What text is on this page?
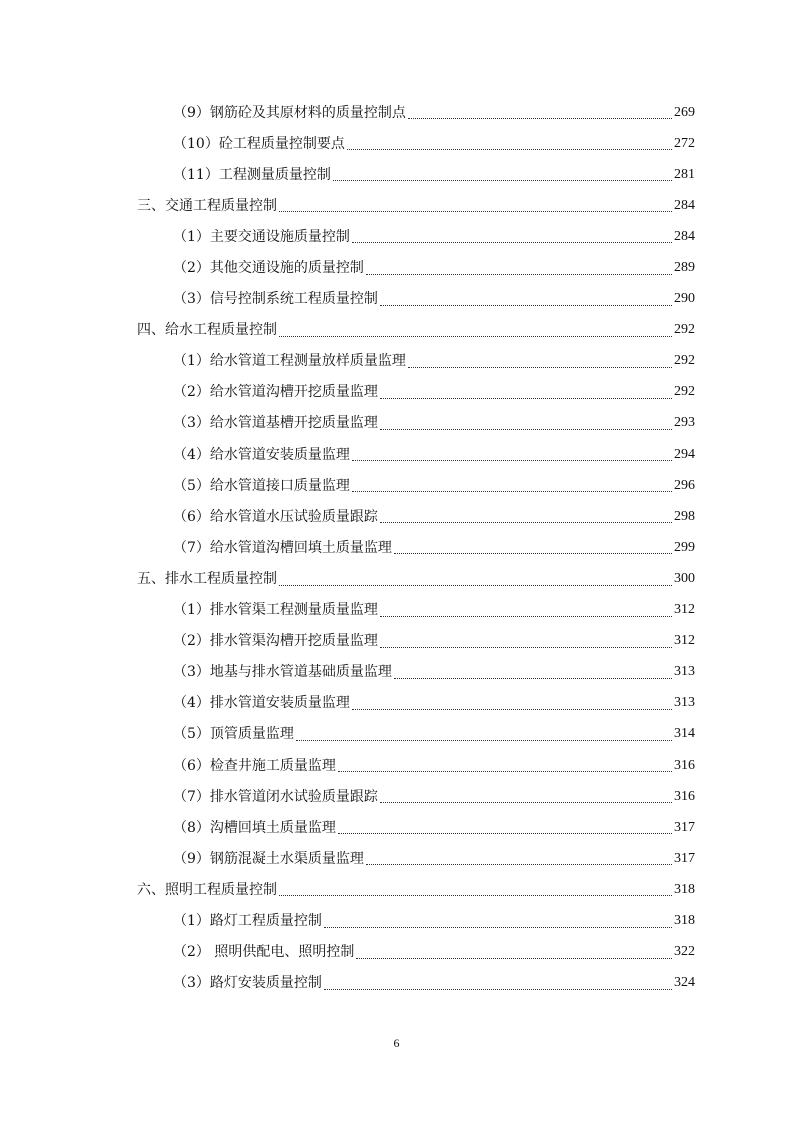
（9）钢筋砼及其原材料的质量控制点	269
（10）砼工程质量控制要点	272
（11）工程测量质量控制	281
三、交通工程质量控制	284
（1）主要交通设施质量控制	284
（2）其他交通设施的质量控制	289
（3）信号控制系统工程质量控制	290
四、给水工程质量控制	292
（1）给水管道工程测量放样质量监理	292
（2）给水管道沟槽开挖质量监理	292
（3）给水管道基槽开挖质量监理	293
（4）给水管道安装质量监理	294
（5）给水管道接口质量监理	296
（6）给水管道水压试验质量跟踪	298
（7）给水管道沟槽回填土质量监理	299
五、排水工程质量控制	300
（1）排水管渠工程测量质量监理	312
（2）排水管渠沟槽开挖质量监理	312
（3）地基与排水管道基础质量监理	313
（4）排水管道安装质量监理	313
（5）顶管质量监理	314
（6）检查井施工质量监理	316
（7）排水管道闭水试验质量跟踪	316
（8）沟槽回填土质量监理	317
（9）钢筋混凝土水渠质量监理	317
六、照明工程质量控制	318
（1）路灯工程质量控制	318
（2） 照明供配电、照明控制	322
（3）路灯安装质量控制	324
6
